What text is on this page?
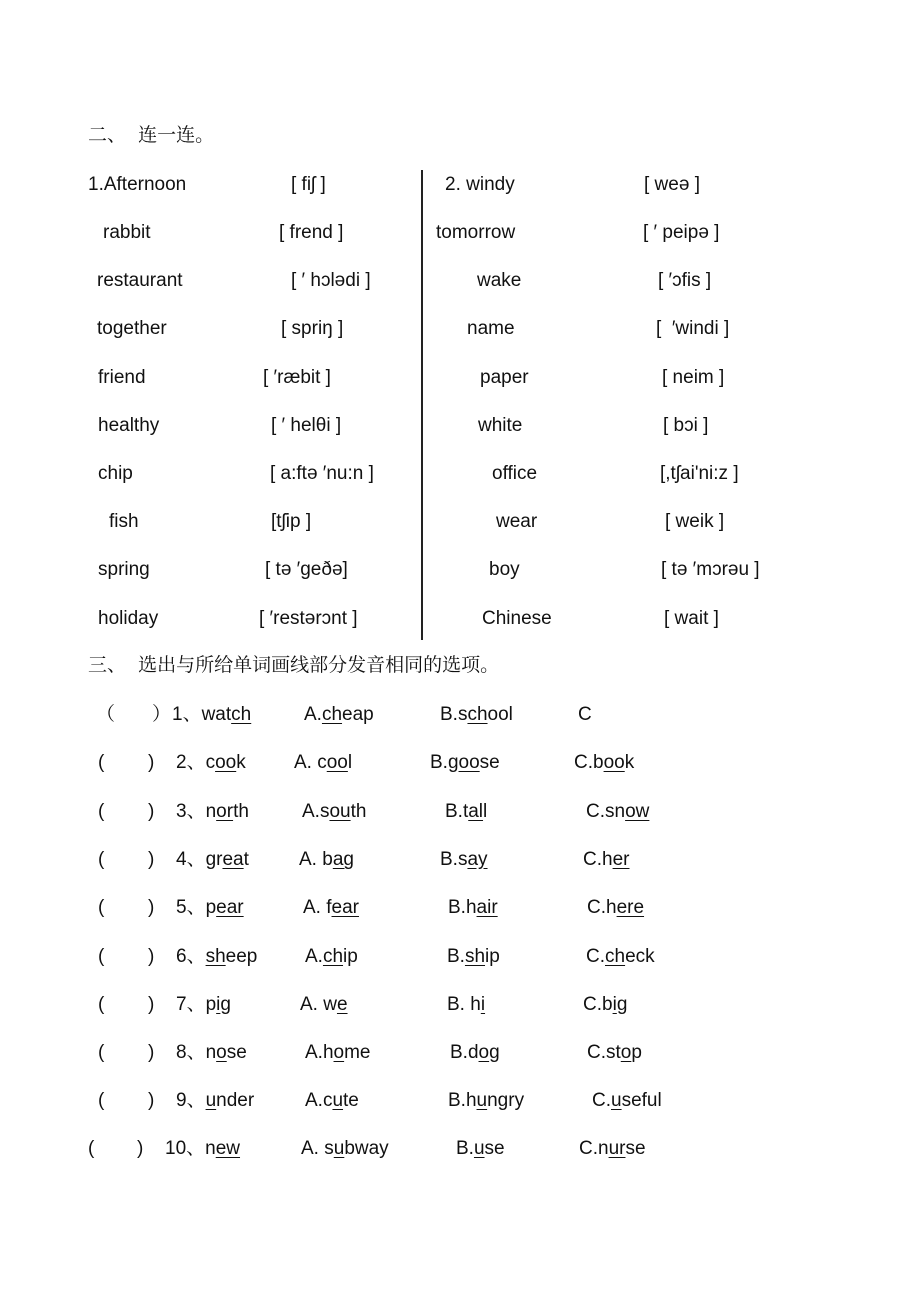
二、  连一连。
1.Afternoon	[ fiʃ ]	2. windy	[ weə ]
rabbit	[ frend ]	tomorrow	[ ′ peipə ]
restaurant	[ ′ hɔlədi ]	wake	[ ′ɔfis ]
together	[ spriŋ ]	name	[  ′windi ]
friend	[ ′ræbit ]	paper	[ neim ]
healthy	[ ′ helθi ]	white	[ bɔi ]
chip	[ a:ftə ′nu:n ]	office	[,tʃai'ni:z ]
fish	[tʃip ]	wear	[ weik ]
spring	[ tə ′geðə]	boy	[ tə ′mɔrəu ]
holiday	[ ′restərɔnt ]	Chinese	[ wait ]
三、  选出与所给单词画线部分发音相同的选项。
（ ） 1、watch	A.cheap	B.school	C
( ) 2、cook	A. cool	B.goose	C.book
( ) 3、north	A.south	B.tall	C.snow
( ) 4、great	A. bag	B.say	C.her
( ) 5、pear	A. fear	B.hair	C.here
( ) 6、sheep	A.chip	B.ship	C.check
( ) 7、pig	A. we	B. hi	C.big
( ) 8、nose	A.home	B.dog	C.stop
( ) 9、under	A.cute	B.hungry	C.useful
( ) 10、new	A. subway	B.use	C.nurse
